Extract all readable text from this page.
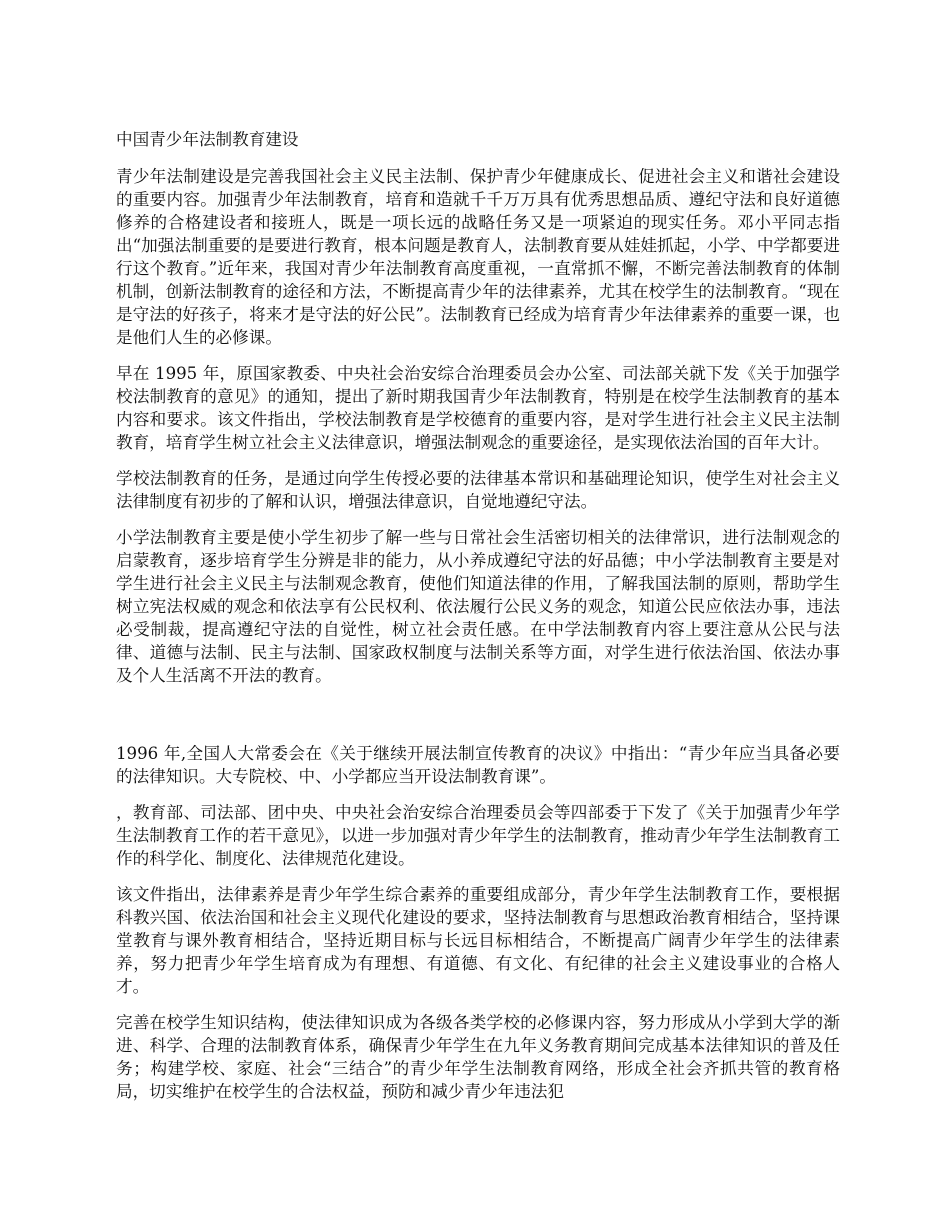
中国青少年法制教育建设

青少年法制建设是完善我国社会主义民主法制、保护青少年健康成长、促进社会主义和谐社会建设的重要内容。加强青少年法制教育，培育和造就千千万万具有优秀思想品质、遵纪守法和良好道德修养的合格建设者和接班人，既是一项长远的战略任务又是一项紧迫的现实任务。邓小平同志指出“加强法制重要的是要进行教育，根本问题是教育人，法制教育要从娃娃抓起，小学、中学都要进行这个教育。”近年来，我国对青少年法制教育高度重视，一直常抓不懈，不断完善法制教育的体制机制，创新法制教育的途径和方法，不断提高青少年的法律素养，尤其在校学生的法制教育。“现在是守法的好孩子，将来才是守法的好公民”。法制教育已经成为培育青少年法律素养的重要一课，也是他们人生的必修课。

早在 1995 年，原国家教委、中央社会治安综合治理委员会办公室、司法部关就下发《关于加强学校法制教育的意见》的通知，提出了新时期我国青少年法制教育，特别是在校学生法制教育的基本内容和要求。该文件指出，学校法制教育是学校德育的重要内容，是对学生进行社会主义民主法制教育，培育学生树立社会主义法律意识，增强法制观念的重要途径，是实现依法治国的百年大计。

学校法制教育的任务，是通过向学生传授必要的法律基本常识和基础理论知识，使学生对社会主义法律制度有初步的了解和认识，增强法律意识，自觉地遵纪守法。

小学法制教育主要是使小学生初步了解一些与日常社会生活密切相关的法律常识，进行法制观念的启蒙教育，逐步培育学生分辨是非的能力，从小养成遵纪守法的好品德；中小学法制教育主要是对学生进行社会主义民主与法制观念教育，使他们知道法律的作用，了解我国法制的原则，帮助学生树立宪法权威的观念和依法享有公民权利、依法履行公民义务的观念，知道公民应依法办事，违法必受制裁，提高遵纪守法的自觉性，树立社会责任感。在中学法制教育内容上要注意从公民与法律、道德与法制、民主与法制、国家政权制度与法制关系等方面，对学生进行依法治国、依法办事及个人生活离不开法的教育。

1996 年,全国人大常委会在《关于继续开展法制宣传教育的决议》中指出：“青少年应当具备必要的法律知识。大专院校、中、小学都应当开设法制教育课”。

，教育部、司法部、团中央、中央社会治安综合治理委员会等四部委于下发了《关于加强青少年学生法制教育工作的若干意见》，以进一步加强对青少年学生的法制教育，推动青少年学生法制教育工作的科学化、制度化、法律规范化建设。

该文件指出，法律素养是青少年学生综合素养的重要组成部分，青少年学生法制教育工作，要根据科教兴国、依法治国和社会主义现代化建设的要求，坚持法制教育与思想政治教育相结合，坚持课堂教育与课外教育相结合，坚持近期目标与长远目标相结合，不断提高广阔青少年学生的法律素养，努力把青少年学生培育成为有理想、有道德、有文化、有纪律的社会主义建设事业的合格人才。

完善在校学生知识结构，使法律知识成为各级各类学校的必修课内容，努力形成从小学到大学的渐进、科学、合理的法制教育体系，确保青少年学生在九年义务教育期间完成基本法律知识的普及任务；构建学校、家庭、社会“三结合”的青少年学生法制教育网络，形成全社会齐抓共管的教育格局，切实维护在校学生的合法权益，预防和减少青少年违法犯
